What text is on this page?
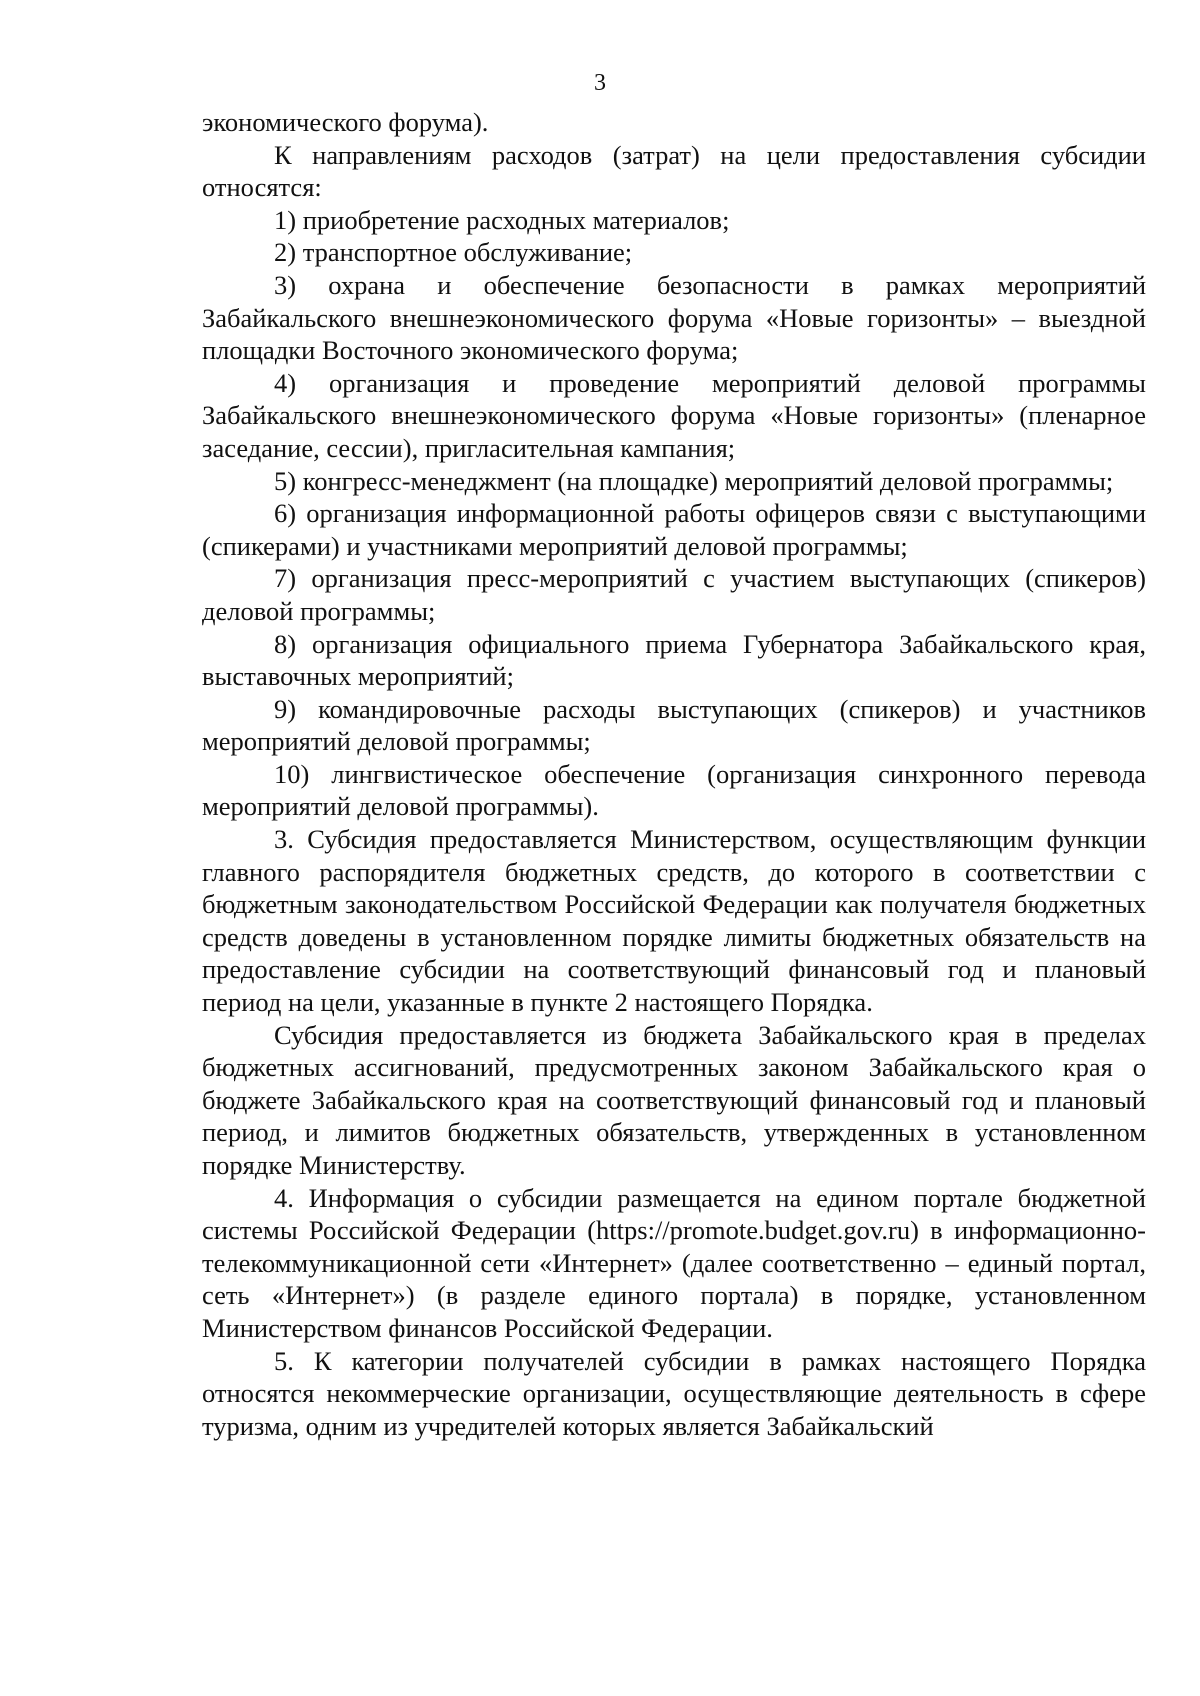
3

экономического форума).

К направлениям расходов (затрат) на цели предоставления субсидии относятся:

1) приобретение расходных материалов;

2) транспортное обслуживание;

3) охрана и обеспечение безопасности в рамках мероприятий Забайкальского внешнеэкономического форума «Новые горизонты» – выездной площадки Восточного экономического форума;

4) организация и проведение мероприятий деловой программы Забайкальского внешнеэкономического форума «Новые горизонты» (пленарное заседание, сессии), пригласительная кампания;

5) конгресс-менеджмент (на площадке) мероприятий деловой программы;

6) организация информационной работы офицеров связи с выступающими (спикерами) и участниками мероприятий деловой программы;

7) организация пресс-мероприятий с участием выступающих (спикеров) деловой программы;

8) организация официального приема Губернатора Забайкальского края, выставочных мероприятий;

9) командировочные расходы выступающих (спикеров) и участников мероприятий деловой программы;

10) лингвистическое обеспечение (организация синхронного перевода мероприятий деловой программы).

3. Субсидия предоставляется Министерством, осуществляющим функции главного распорядителя бюджетных средств, до которого в соответствии с бюджетным законодательством Российской Федерации как получателя бюджетных средств доведены в установленном порядке лимиты бюджетных обязательств на предоставление субсидии на соответствующий финансовый год и плановый период на цели, указанные в пункте 2 настоящего Порядка.

Субсидия предоставляется из бюджета Забайкальского края в пределах бюджетных ассигнований, предусмотренных законом Забайкальского края о бюджете Забайкальского края на соответствующий финансовый год и плановый период, и лимитов бюджетных обязательств, утвержденных в установленном порядке Министерству.

4. Информация о субсидии размещается на едином портале бюджетной системы Российской Федерации (https://promote.budget.gov.ru) в информационно-телекоммуникационной сети «Интернет» (далее соответственно – единый портал, сеть «Интернет») (в разделе единого портала) в порядке, установленном Министерством финансов Российской Федерации.

5. К категории получателей субсидии в рамках настоящего Порядка относятся некоммерческие организации, осуществляющие деятельность в сфере туризма, одним из учредителей которых является Забайкальский
